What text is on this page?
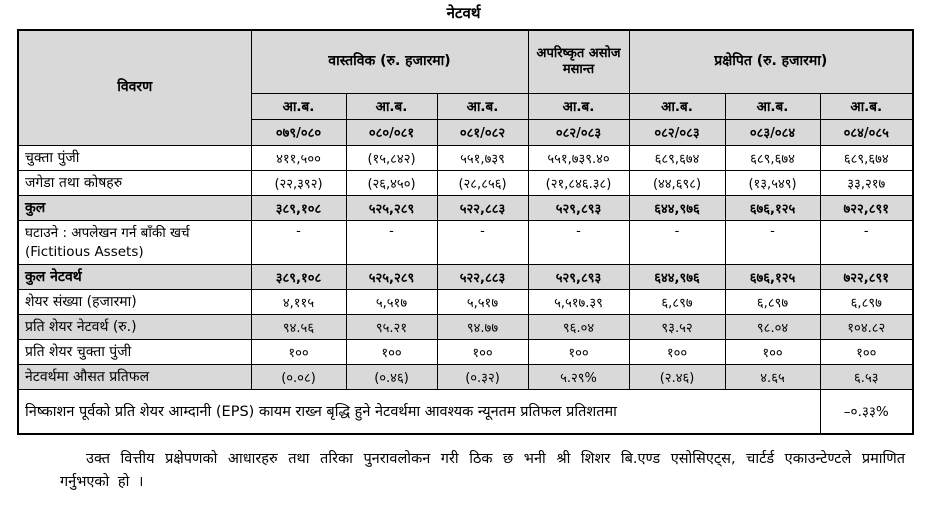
नेटवर्थ
विवरण	वास्तविक (रु. हजारमा)			अपरिष्कृत असोज मसान्त	प्रक्षेपित (रु. हजारमा)		
	आ.ब.	आ.ब.	आ.ब.	आ.ब.	आ.ब.	आ.ब.	आ.ब.
	०७९/०८०	०८०/०८१	०८१/०८२	०८२/०८३	०८२/०८३	०८३/०८४	०८४/०८५
चुक्ता पुंजी	४११,५००	(१५,८४२)	५५१,७३९	५५१,७३९.४०	६८९,६७४	६८९,६७४	६८९,६७४
जगेडा तथा कोषहरु	(२२,३९२)	(२६,४५०)	(२८,८५६)	(२१,८४६.३८)	(४४,६९८)	(१३,५४९)	३३,२१७
कुल	३८९,१०८	५२५,२८९	५२२,८८३	५२९,८९३	६४४,९७६	६७६,१२५	७२२,८९१
घटाउने : अपलेखन गर्न बाँकी खर्च (Fictitious Assets)	-	-	-	-	-	-	-
कुल नेटवर्थ	३८९,१०८	५२५,२८९	५२२,८८३	५२९,८९३	६४४,९७६	६७६,१२५	७२२,८९१
शेयर संख्या (हजारमा)	४,११५	५,५१७	५,५१७	५,५१७.३९	६,८९७	६,८९७	६,८९७
प्रति शेयर नेटवर्थ (रु.)	९४.५६	९५.२१	९४.७७	९६.०४	९३.५२	९८.०४	१०४.८२
प्रति शेयर चुक्ता पुंजी	१००	१००	१००	१००	१००	१००	१००
नेटवर्थमा औसत प्रतिफल	(०.०८)	(०.४६)	(०.३२)	५.२९%	(२.४६)	४.६५	६.५३
निष्काशन पूर्वको प्रति शेयर आम्दानी (EPS) कायम राख्न बृद्धि हुने नेटवर्थमा आवश्यक न्यूनतम प्रतिफल प्रतिशतमा							–०.३३%

उक्त वित्तीय प्रक्षेपणको आधारहरु तथा तरिका पुनरावलोकन गरी ठिक छ भनी श्री शिशर बि.एण्ड एसोसिएट्स, चार्टर्ड एकाउन्टेण्टले प्रमाणित गर्नुभएको हो ।
